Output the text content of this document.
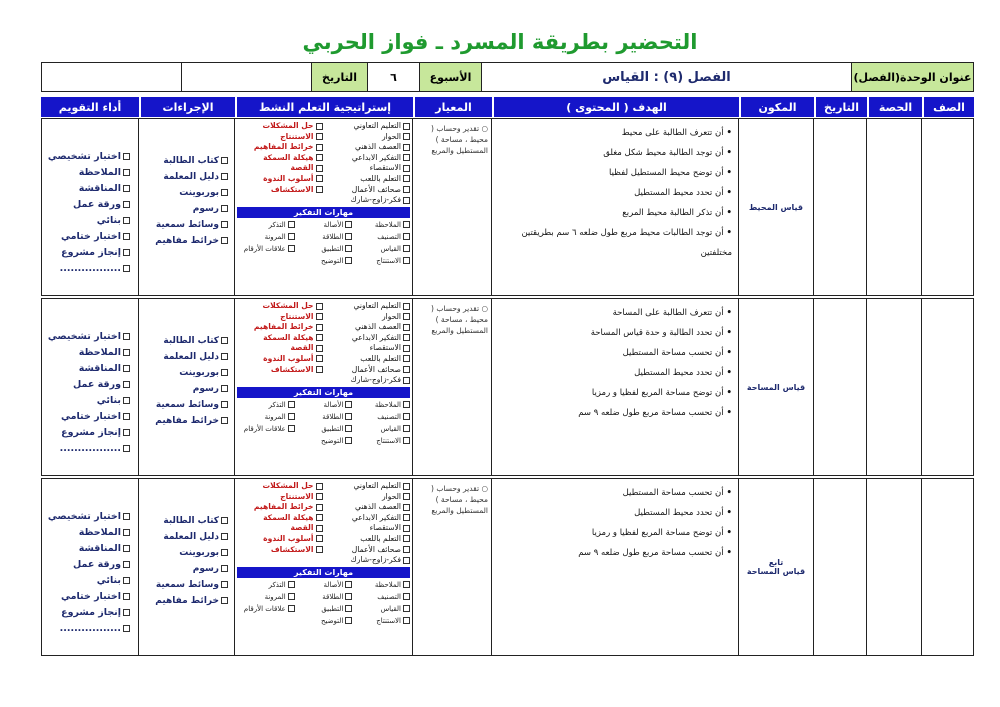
التحضير بطريقة المسرد ـ فواز الحربي
عنوان الوحدة(الفصل)
الفصل (٩) : القياس
الأسبوع
٦
التاريخ
الصف
الحصة
التاريخ
المكون
الهدف ( المحتوى )
المعيار
إستراتيجية التعلم النشط
الإجراءات
أداء التقويم
قياس المحيط
• أن تتعرف الطالبة على محيط
• أن توجد الطالبة محيط شكل مغلق
• أن توضح محيط المستطيل لفظيا
• أن تحدد محيط المستطيل
• أن تذكر الطالبة محيط المربع
• أن توجد الطالبات محيط مربع طول ضلعه ٦ سم بطريقتين مختلفتين
○ تقدير وحساب ( محيط ، مساحة ) المستطيل والمربع
التعليم التعاوني
حل المشكلات
الحوار
الاستنتاج
العصف الذهني
خرائط المفاهيم
التفكير الابداعي
هيكلة السمكة
الاستقصاء
القصة
التعلم باللعب
أسلوب الندوة
صحائف الأعمال
الاستكشاف
فكر-زاوج-شارك
مهارات التفكير
الملاحظة
الأصالة
التذكر
التصنيف
الطلاقة
المرونة
القياس
التطبيق
علاقات الأرقام
الاستنتاج
التوضيح
كتاب الطالبة
دليل المعلمة
بوربوينت
رسوم
وسائط سمعية
خرائط مفاهيم
اختبار تشخيصي
الملاحظة
المناقشة
ورقة عمل
بنائي
اختبار ختامي
إنجاز مشروع
.................
قياس المساحة
• أن تتعرف الطالبة على المساحة
• أن تحدد الطالبة و حدة قياس المساحة
• أن تحسب مساحة المستطيل
• أن تحدد محيط المستطيل
• أن توضح مساحة المربع لفظيا و رمزيا
• أن تحسب مساحة مربع طول ضلعه ٩ سم
○ تقدير وحساب ( محيط ، مساحة ) المستطيل والمربع
التعليم التعاوني
حل المشكلات
الحوار
الاستنتاج
العصف الذهني
خرائط المفاهيم
التفكير الابداعي
هيكلة السمكة
الاستقصاء
القصة
التعلم باللعب
أسلوب الندوة
صحائف الأعمال
الاستكشاف
فكر-زاوج-شارك
مهارات التفكير
الملاحظة
الأصالة
التذكر
التصنيف
الطلاقة
المرونة
القياس
التطبيق
علاقات الأرقام
الاستنتاج
التوضيح
كتاب الطالبة
دليل المعلمة
بوربوينت
رسوم
وسائط سمعية
خرائط مفاهيم
اختبار تشخيصي
الملاحظة
المناقشة
ورقة عمل
بنائي
اختبار ختامي
إنجاز مشروع
.................
تابع
قياس المساحة
• أن تحسب مساحة المستطيل
• أن تحدد محيط المستطيل
• أن توضح مساحة المربع لفظيا و رمزيا
• أن تحسب مساحة مربع طول ضلعه ٩ سم
○ تقدير وحساب ( محيط ، مساحة ) المستطيل والمربع
التعليم التعاوني
حل المشكلات
الحوار
الاستنتاج
العصف الذهني
خرائط المفاهيم
التفكير الابداعي
هيكلة السمكة
الاستقصاء
القصة
التعلم باللعب
أسلوب الندوة
صحائف الأعمال
الاستكشاف
فكر-زاوج-شارك
مهارات التفكير
الملاحظة
الأصالة
التذكر
التصنيف
الطلاقة
المرونة
القياس
التطبيق
علاقات الأرقام
الاستنتاج
التوضيح
كتاب الطالبة
دليل المعلمة
بوربوينت
رسوم
وسائط سمعية
خرائط مفاهيم
اختبار تشخيصي
الملاحظة
المناقشة
ورقة عمل
بنائي
اختبار ختامي
إنجاز مشروع
.................
